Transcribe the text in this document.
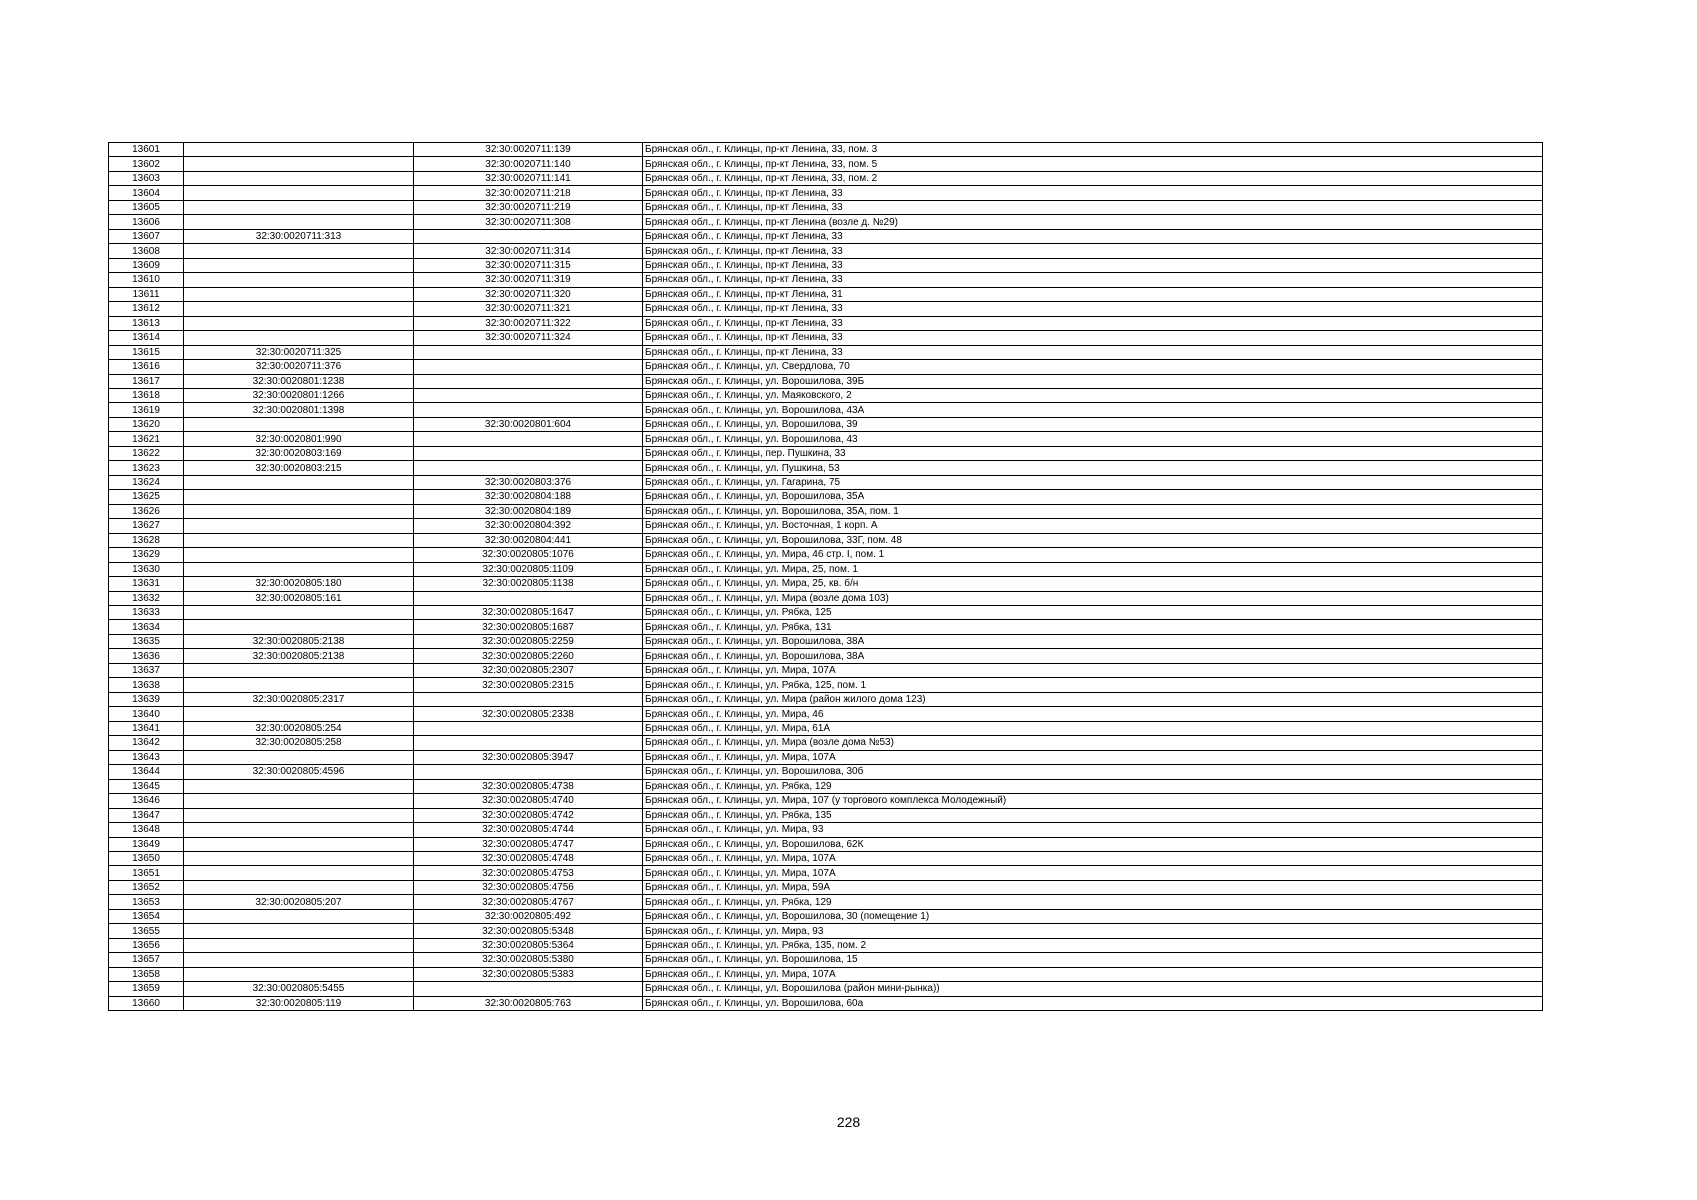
13601		32:30:0020711:139	Брянская обл., г. Клинцы, пр-кт Ленина, 33, пом. 3
13602		32:30:0020711:140	Брянская обл., г. Клинцы, пр-кт Ленина, 33, пом. 5
13603		32:30:0020711:141	Брянская обл., г. Клинцы, пр-кт Ленина, 33, пом. 2
13604		32:30:0020711:218	Брянская обл., г. Клинцы, пр-кт Ленина, 33
13605		32:30:0020711:219	Брянская обл., г. Клинцы, пр-кт Ленина, 33
13606		32:30:0020711:308	Брянская обл., г. Клинцы, пр-кт Ленина (возле д. №29)
13607	32:30:0020711:313		Брянская обл., г. Клинцы, пр-кт Ленина, 33
13608		32:30:0020711:314	Брянская обл., г. Клинцы, пр-кт Ленина, 33
13609		32:30:0020711:315	Брянская обл., г. Клинцы, пр-кт Ленина, 33
13610		32:30:0020711:319	Брянская обл., г. Клинцы, пр-кт Ленина, 33
13611		32:30:0020711:320	Брянская обл., г. Клинцы, пр-кт Ленина, 31
13612		32:30:0020711:321	Брянская обл., г. Клинцы, пр-кт Ленина, 33
13613		32:30:0020711:322	Брянская обл., г. Клинцы, пр-кт Ленина, 33
13614		32:30:0020711:324	Брянская обл., г. Клинцы, пр-кт Ленина, 33
13615	32:30:0020711:325		Брянская обл., г. Клинцы, пр-кт Ленина, 33
13616	32:30:0020711:376		Брянская обл., г. Клинцы, ул. Свердлова, 70
13617	32:30:0020801:1238		Брянская обл., г. Клинцы, ул. Ворошилова, 39Б
13618	32:30:0020801:1266		Брянская обл., г. Клинцы, ул. Маяковского, 2
13619	32:30:0020801:1398		Брянская обл., г. Клинцы, ул. Ворошилова, 43А
13620		32:30:0020801:604	Брянская обл., г. Клинцы, ул. Ворошилова, 39
13621	32:30:0020801:990		Брянская обл., г. Клинцы, ул. Ворошилова, 43
13622	32:30:0020803:169		Брянская обл., г. Клинцы, пер. Пушкина, 33
13623	32:30:0020803:215		Брянская обл., г. Клинцы, ул. Пушкина, 53
13624		32:30:0020803:376	Брянская обл., г. Клинцы, ул. Гагарина, 75
13625		32:30:0020804:188	Брянская обл., г. Клинцы, ул. Ворошилова, 35А
13626		32:30:0020804:189	Брянская обл., г. Клинцы, ул. Ворошилова, 35А, пом. 1
13627		32:30:0020804:392	Брянская обл., г. Клинцы, ул. Восточная, 1 корп. А
13628		32:30:0020804:441	Брянская обл., г. Клинцы, ул. Ворошилова, 33Г, пом. 48
13629		32:30:0020805:1076	Брянская обл., г. Клинцы, ул. Мира, 46 стр. I, пом. 1
13630		32:30:0020805:1109	Брянская обл., г. Клинцы, ул. Мира, 25, пом. 1
13631	32:30:0020805:180	32:30:0020805:1138	Брянская обл., г. Клинцы, ул. Мира, 25, кв. б/н
13632	32:30:0020805:161		Брянская обл., г. Клинцы, ул. Мира (возле дома 103)
13633		32:30:0020805:1647	Брянская обл., г. Клинцы, ул. Рябка, 125
13634		32:30:0020805:1687	Брянская обл., г. Клинцы, ул. Рябка, 131
13635	32:30:0020805:2138	32:30:0020805:2259	Брянская обл., г. Клинцы, ул. Ворошилова, 38А
13636	32:30:0020805:2138	32:30:0020805:2260	Брянская обл., г. Клинцы, ул. Ворошилова, 38А
13637		32:30:0020805:2307	Брянская обл., г. Клинцы, ул. Мира, 107А
13638		32:30:0020805:2315	Брянская обл., г. Клинцы, ул. Рябка, 125, пом. 1
13639	32:30:0020805:2317		Брянская обл., г. Клинцы, ул. Мира (район жилого дома 123)
13640		32:30:0020805:2338	Брянская обл., г. Клинцы, ул. Мира, 46
13641	32:30:0020805:254		Брянская обл., г. Клинцы, ул. Мира, 61А
13642	32:30:0020805:258		Брянская обл., г. Клинцы, ул. Мира (возле дома №53)
13643		32:30:0020805:3947	Брянская обл., г. Клинцы, ул. Мира, 107А
13644	32:30:0020805:4596		Брянская обл., г. Клинцы, ул. Ворошилова, 30б
13645		32:30:0020805:4738	Брянская обл., г. Клинцы, ул. Рябка, 129
13646		32:30:0020805:4740	Брянская обл., г. Клинцы, ул. Мира, 107 (у торгового комплекса Молодежный)
13647		32:30:0020805:4742	Брянская обл., г. Клинцы, ул. Рябка, 135
13648		32:30:0020805:4744	Брянская обл., г. Клинцы, ул. Мира, 93
13649		32:30:0020805:4747	Брянская обл., г. Клинцы, ул. Ворошилова, 62К
13650		32:30:0020805:4748	Брянская обл., г. Клинцы, ул. Мира, 107А
13651		32:30:0020805:4753	Брянская обл., г. Клинцы, ул. Мира, 107А
13652		32:30:0020805:4756	Брянская обл., г. Клинцы, ул. Мира, 59А
13653	32:30:0020805:207	32:30:0020805:4767	Брянская обл., г. Клинцы, ул. Рябка, 129
13654		32:30:0020805:492	Брянская обл., г. Клинцы, ул. Ворошилова, 30 (помещение 1)
13655		32:30:0020805:5348	Брянская обл., г. Клинцы, ул. Мира, 93
13656		32:30:0020805:5364	Брянская обл., г. Клинцы, ул. Рябка, 135, пом. 2
13657		32:30:0020805:5380	Брянская обл., г. Клинцы, ул. Ворошилова, 15
13658		32:30:0020805:5383	Брянская обл., г. Клинцы, ул. Мира, 107А
13659	32:30:0020805:5455		Брянская обл., г. Клинцы, ул. Ворошилова (район мини-рынка))
13660	32:30:0020805:119	32:30:0020805:763	Брянская обл., г. Клинцы, ул. Ворошилова, 60а
228
